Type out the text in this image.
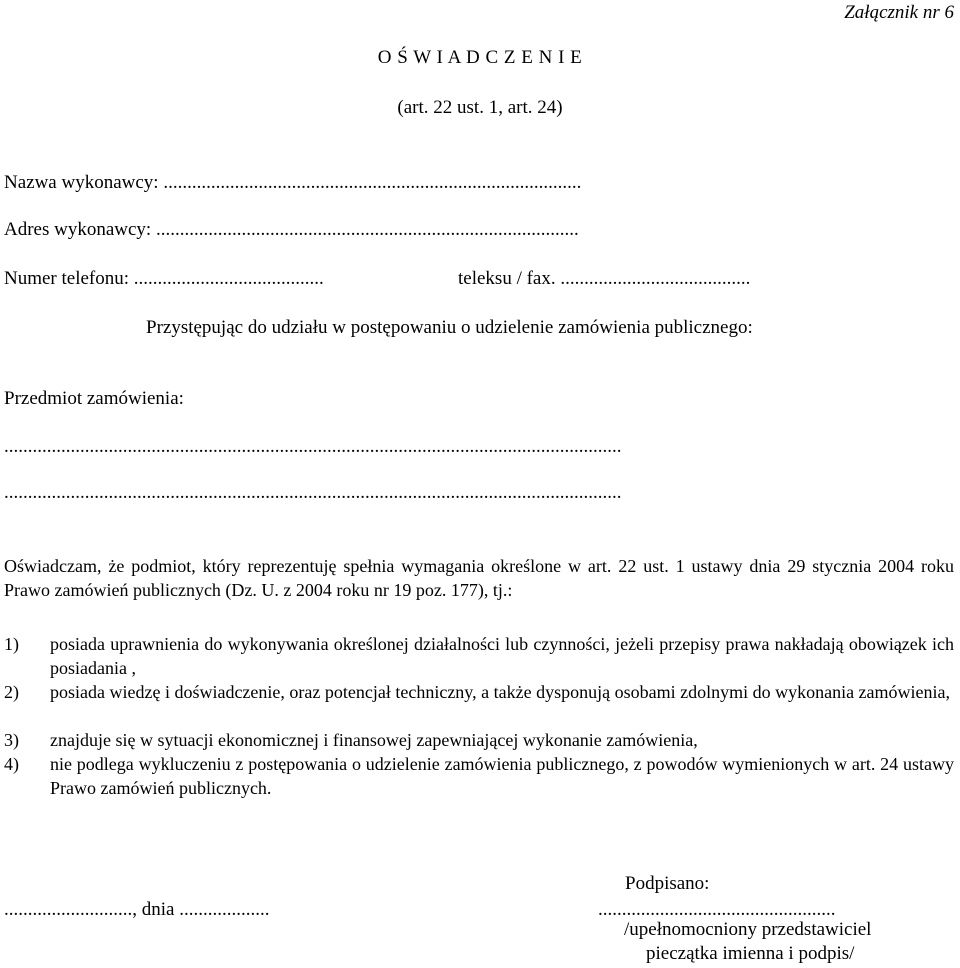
Załącznik nr 6
O Ś W I A D C Z E N I E
(art. 22 ust. 1, art. 24)
Nazwa wykonawcy: ........................................................................................
Adres wykonawcy: .........................................................................................
Numer telefonu: ........................................	teleksu / fax. ........................................
Przystępując do udziału w postępowaniu o udzielenie zamówienia publicznego:
Przedmiot zamówienia:
..................................................................................................................................
..................................................................................................................................
Oświadczam, że podmiot, który reprezentuję spełnia wymagania określone w art. 22 ust. 1 ustawy dnia 29 stycznia 2004 roku Prawo zamówień publicznych (Dz. U. z 2004 roku nr 19 poz. 177), tj.:
1) posiada uprawnienia do wykonywania określonej działalności lub czynności, jeżeli przepisy prawa nakładają obowiązek ich posiadania ,
2) posiada wiedzę i doświadczenie, oraz potencjał techniczny, a także dysponują osobami zdolnymi do wykonania zamówienia,
3) znajduje się w sytuacji ekonomicznej i finansowej zapewniającej wykonanie zamówienia,
4) nie podlega wykluczeniu z postępowania o udzielenie zamówienia publicznego, z powodów wymienionych w art. 24 ustawy Prawo zamówień publicznych.
Podpisano:
..........................., dnia ...................	..................................................
/upełnomocniony przedstawiciel
pieczątka imienna i podpis/
